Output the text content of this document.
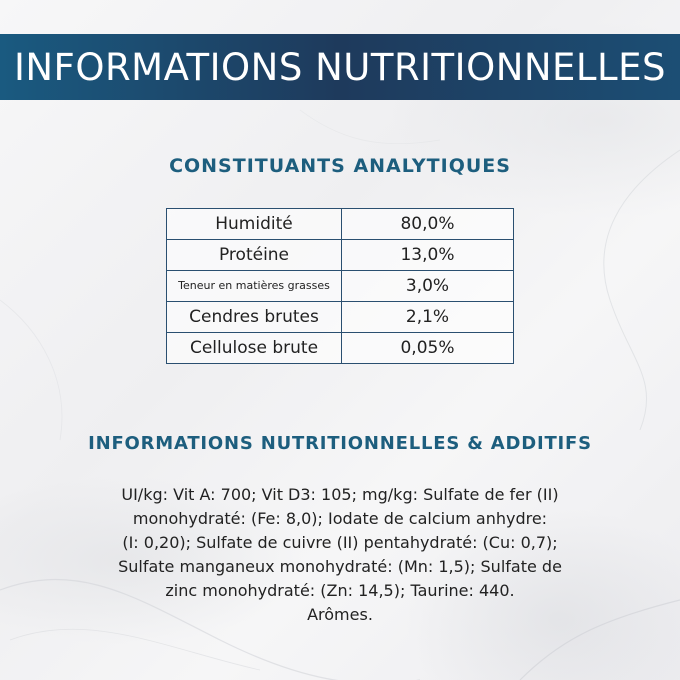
INFORMATIONS NUTRITIONNELLES
CONSTITUANTS ANALYTIQUES
Humidité	80,0%
Protéine	13,0%
Teneur en matières grasses	3,0%
Cendres brutes	2,1%
Cellulose brute	0,05%
INFORMATIONS NUTRITIONNELLES & ADDITIFS
UI/kg: Vit A: 700; Vit D3: 105; mg/kg: Sulfate de fer (II)
monohydraté: (Fe: 8,0); Iodate de calcium anhydre:
(I: 0,20); Sulfate de cuivre (II) pentahydraté: (Cu: 0,7);
Sulfate manganeux monohydraté: (Mn: 1,5); Sulfate de
zinc monohydraté: (Zn: 14,5); Taurine: 440.
Arômes.
